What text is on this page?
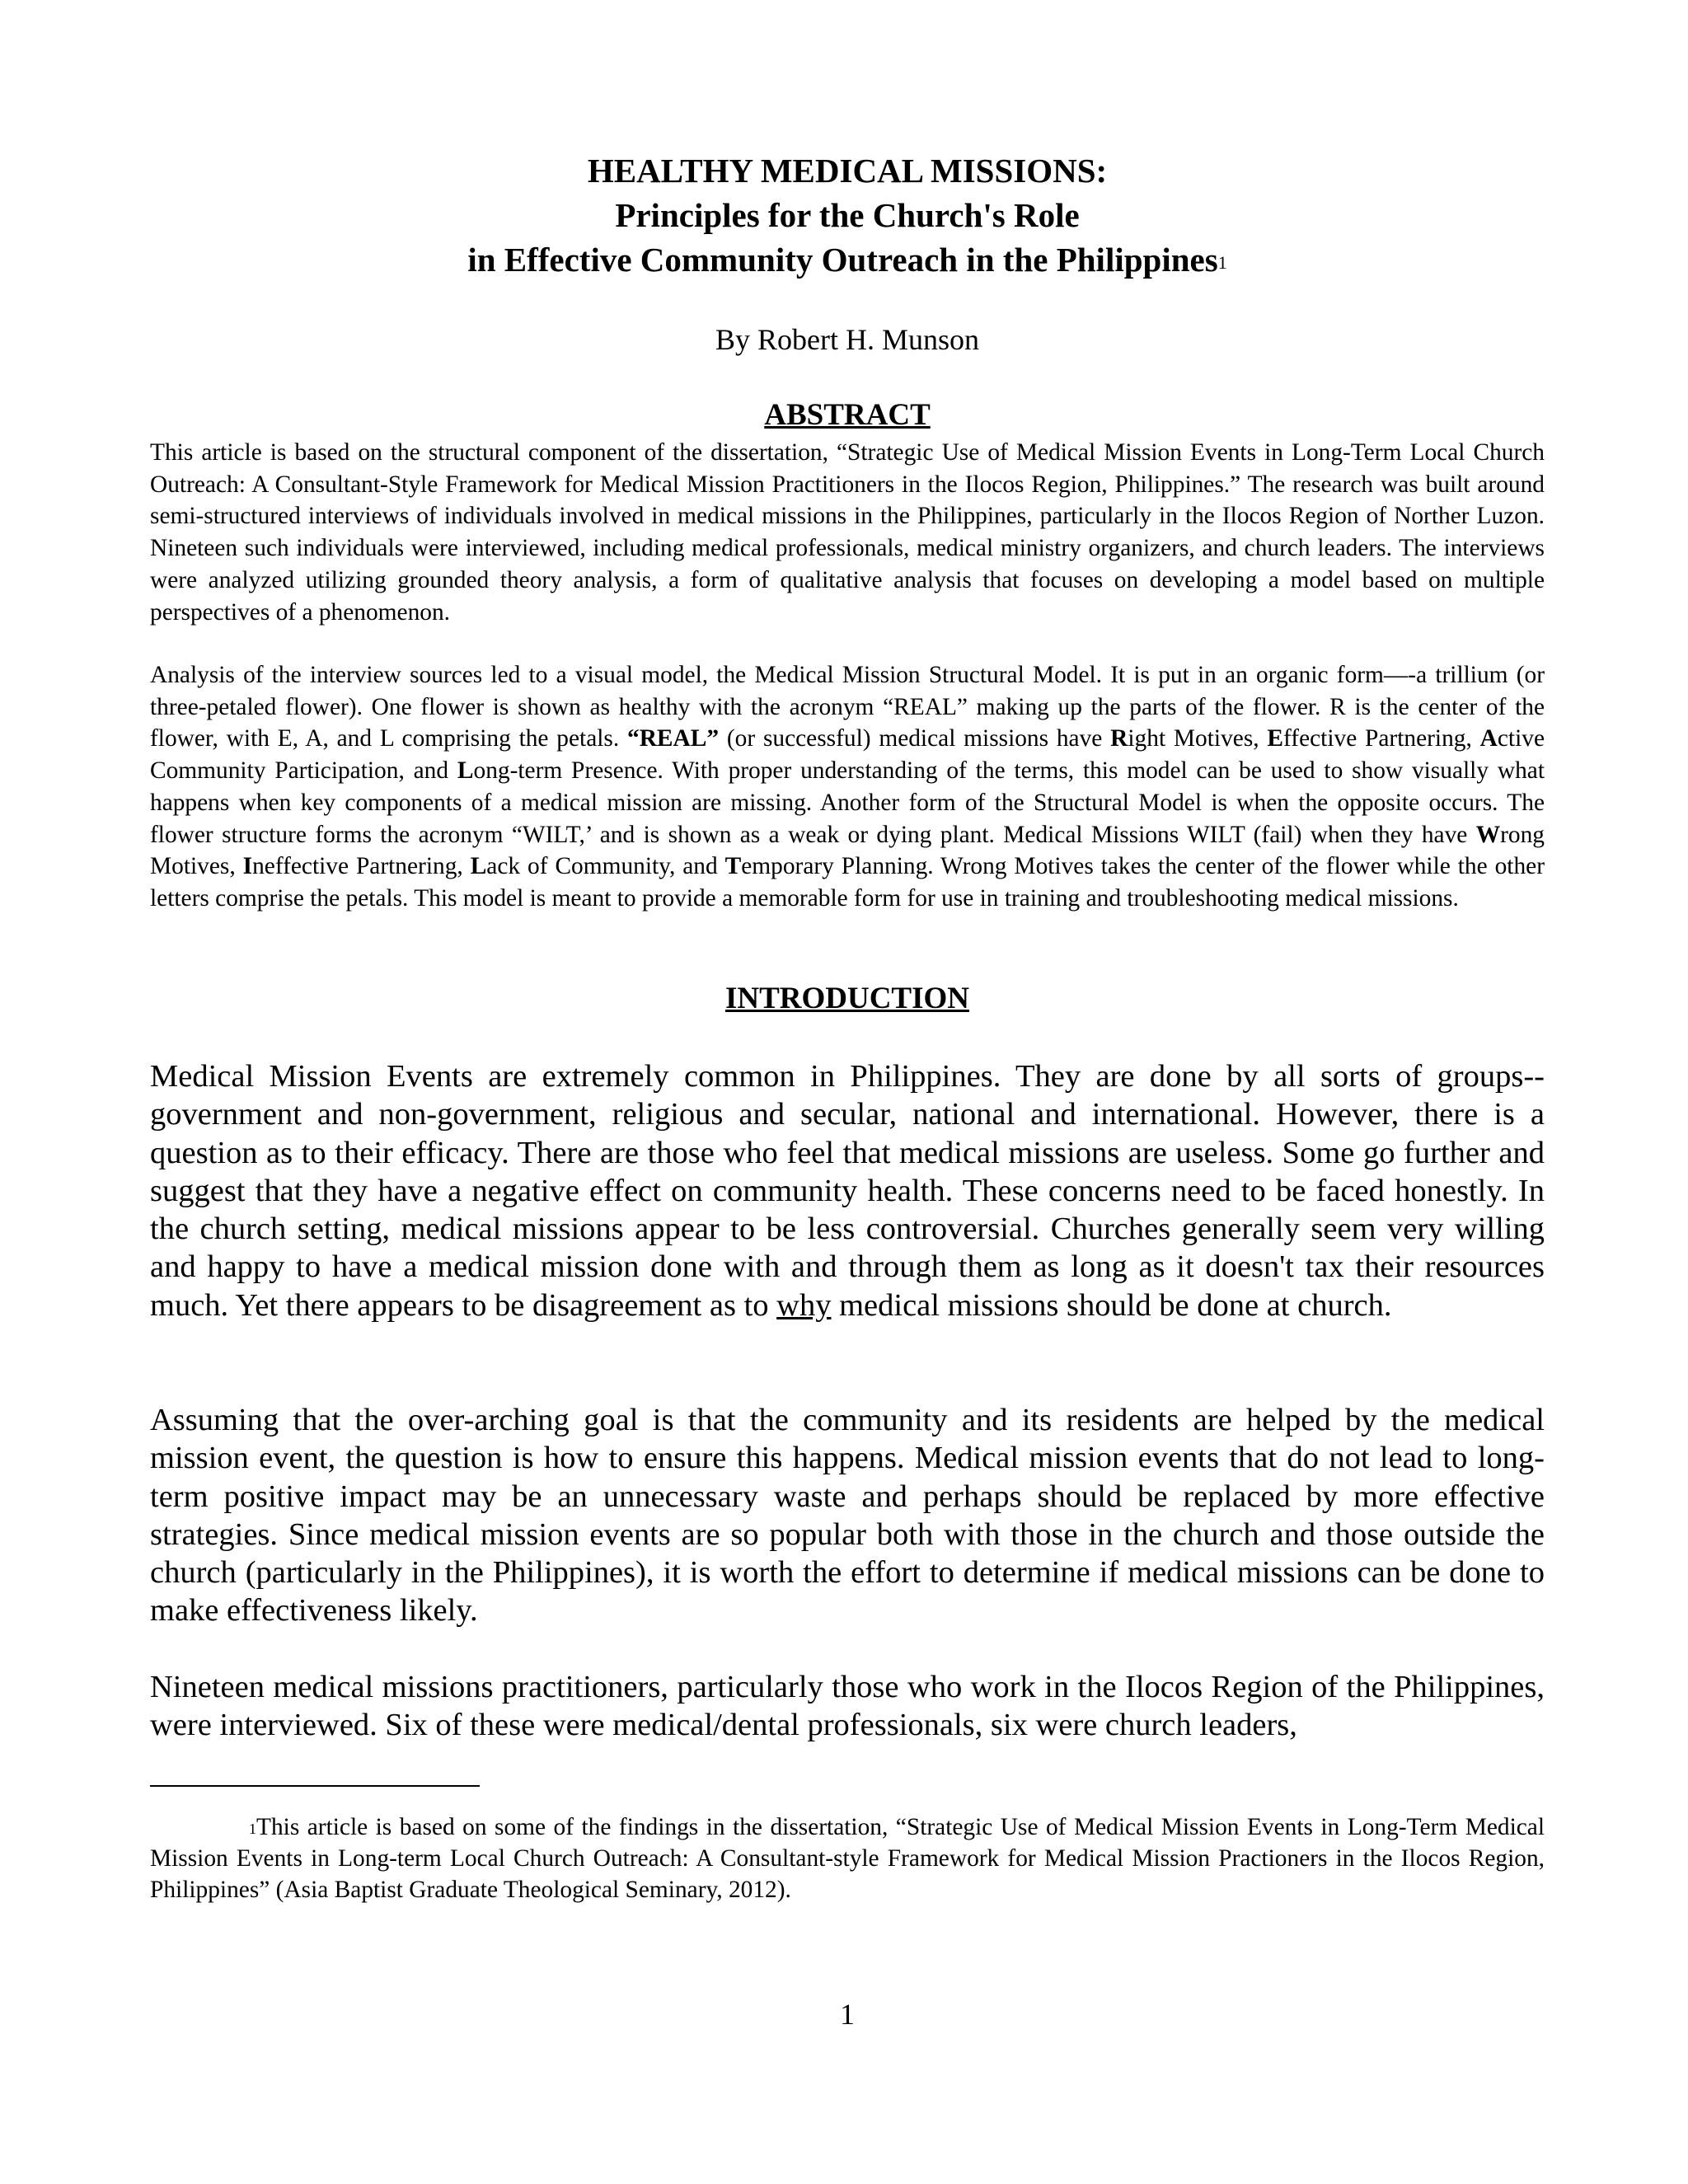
HEALTHY MEDICAL MISSIONS:
Principles for the Church's Role
in Effective Community Outreach in the Philippines$^1$

By Robert H. Munson

ABSTRACT

This article is based on the structural component of the dissertation, “Strategic Use of Medical Mission Events in Long-Term Local Church Outreach: A Consultant-Style Framework for Medical Mission Practitioners in the Ilocos Region, Philippines.” The research was built around semi-structured interviews of individuals involved in medical missions in the Philippines, particularly in the Ilocos Region of Norther Luzon. Nineteen such individuals were interviewed, including medical professionals, medical ministry organizers, and church leaders. The interviews were analyzed utilizing grounded theory analysis, a form of qualitative analysis that focuses on developing a model based on multiple perspectives of a phenomenon.

Analysis of the interview sources led to a visual model, the Medical Mission Structural Model. It is put in an organic form—-a trillium (or three-petaled flower). One flower is shown as healthy with the acronym “REAL” making up the parts of the flower. R is the center of the flower, with E, A, and L comprising the petals. “REAL” (or successful) medical missions have Right Motives, Effective Partnering, Active Community Participation, and Long-term Presence. With proper understanding of the terms, this model can be used to show visually what happens when key components of a medical mission are missing. Another form of the Structural Model is when the opposite occurs. The flower structure forms the acronym “WILT,’ and is shown as a weak or dying plant. Medical Missions WILT (fail) when they have Wrong Motives, Ineffective Partnering, Lack of Community, and Temporary Planning. Wrong Motives takes the center of the flower while the other letters comprise the petals. This model is meant to provide a memorable form for use in training and troubleshooting medical missions.

INTRODUCTION

Medical Mission Events are extremely common in Philippines. They are done by all sorts of groups--government and non-government, religious and secular, national and international. However, there is a question as to their efficacy. There are those who feel that medical missions are useless. Some go further and suggest that they have a negative effect on community health. These concerns need to be faced honestly. In the church setting, medical missions appear to be less controversial. Churches generally seem very willing and happy to have a medical mission done with and through them as long as it doesn't tax their resources much. Yet there appears to be disagreement as to why medical missions should be done at church.

Assuming that the over-arching goal is that the community and its residents are helped by the medical mission event, the question is how to ensure this happens. Medical mission events that do not lead to long-term positive impact may be an unnecessary waste and perhaps should be replaced by more effective strategies. Since medical mission events are so popular both with those in the church and those outside the church (particularly in the Philippines), it is worth the effort to determine if medical missions can be done to make effectiveness likely.

Nineteen medical missions practitioners, particularly those who work in the Ilocos Region of the Philippines, were interviewed. Six of these were medical/dental professionals, six were church leaders,

$^1$This article is based on some of the findings in the dissertation, “Strategic Use of Medical Mission Events in Long-Term Medical Mission Events in Long-term Local Church Outreach: A Consultant-style Framework for Medical Mission Practioners in the Ilocos Region, Philippines” (Asia Baptist Graduate Theological Seminary, 2012).

1
